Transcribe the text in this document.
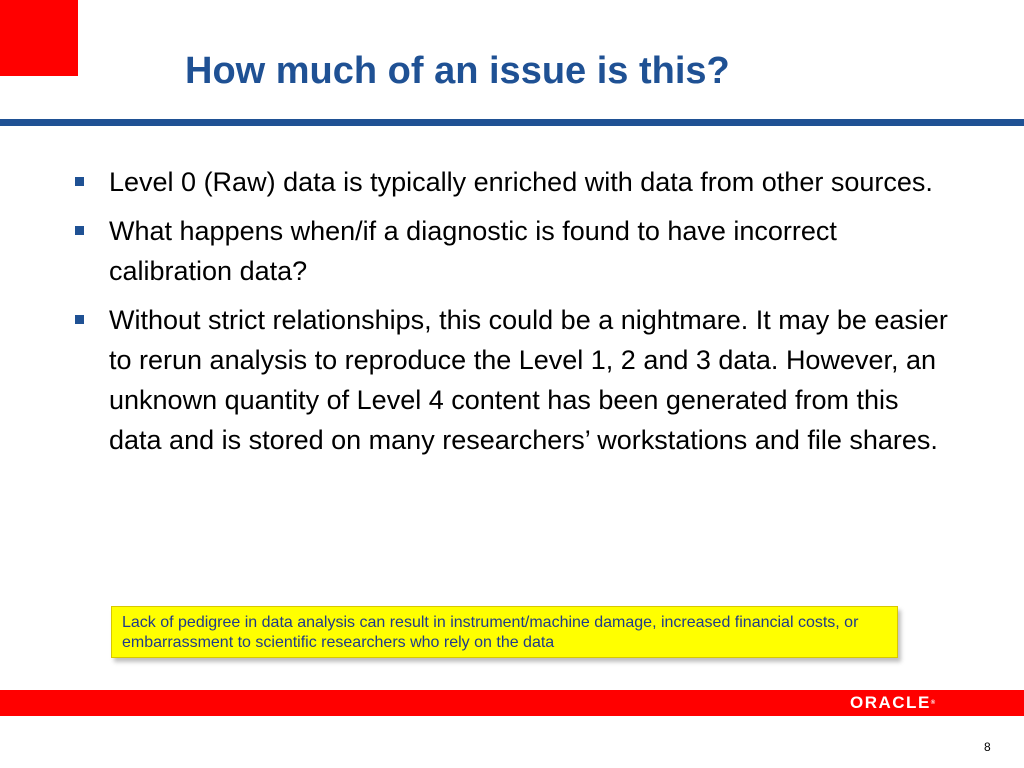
How much of an issue is this?
Level 0 (Raw) data is typically enriched with data from other sources.
What happens when/if a diagnostic is found to have incorrect calibration data?
Without strict relationships, this could be a nightmare. It may be easier to rerun analysis to reproduce the Level 1, 2 and 3 data. However, an unknown quantity of Level 4 content has been generated from this data and is stored on many researchers’ workstations and file shares.
Lack of pedigree in data analysis can result in instrument/machine damage, increased financial costs, or embarrassment to scientific researchers who rely on the data
ORACLE®
8
